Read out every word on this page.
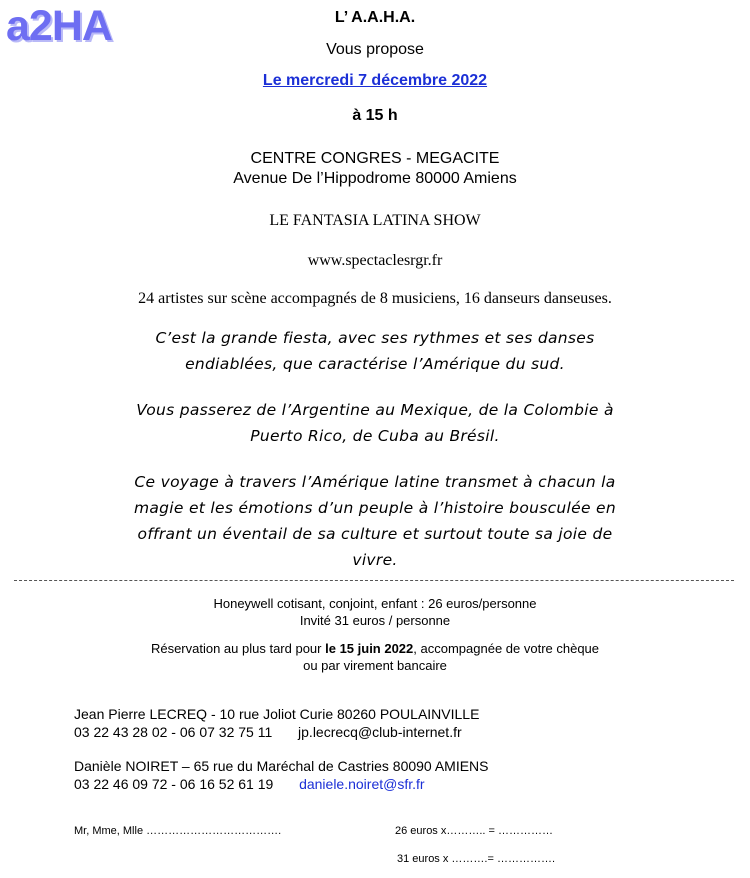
a2HA	L’ A.A.H.A.
Vous propose
Le mercredi 7 décembre 2022
à 15 h
CENTRE CONGRES - MEGACITE
Avenue De l’Hippodrome 80000 Amiens
LE FANTASIA LATINA SHOW
www.spectaclesrgr.fr
24 artistes sur scène accompagnés de 8 musiciens, 16 danseurs danseuses.
C’est la grande fiesta, avec ses rythmes et ses danses
endiablées, que caractérise l’Amérique du sud.
Vous passerez de l’Argentine au Mexique, de la Colombie à
Puerto Rico, de Cuba au Brésil.
Ce voyage à travers l’Amérique latine transmet à chacun la
magie et les émotions d’un peuple à l’histoire bousculée en
offrant un éventail de sa culture et surtout toute sa joie de
vivre.
Honeywell cotisant, conjoint, enfant : 26 euros/personne
Invité 31 euros / personne
Réservation au plus tard pour le 15 juin 2022, accompagnée de votre chèque
ou par virement bancaire
Jean Pierre LECREQ - 10 rue Joliot Curie 80260 POULAINVILLE
03 22 43 28 02 - 06 07 32 75 11 jp.lecrecq@club-internet.fr
Danièle NOIRET – 65 rue du Maréchal de Castries 80090 AMIENS
03 22 46 09 72 - 06 16 52 61 19 daniele.noiret@sfr.fr
Mr, Mme, Mlle ……………………………….	26 euros x……….. = ……………
31 euros x ……….= …………….
